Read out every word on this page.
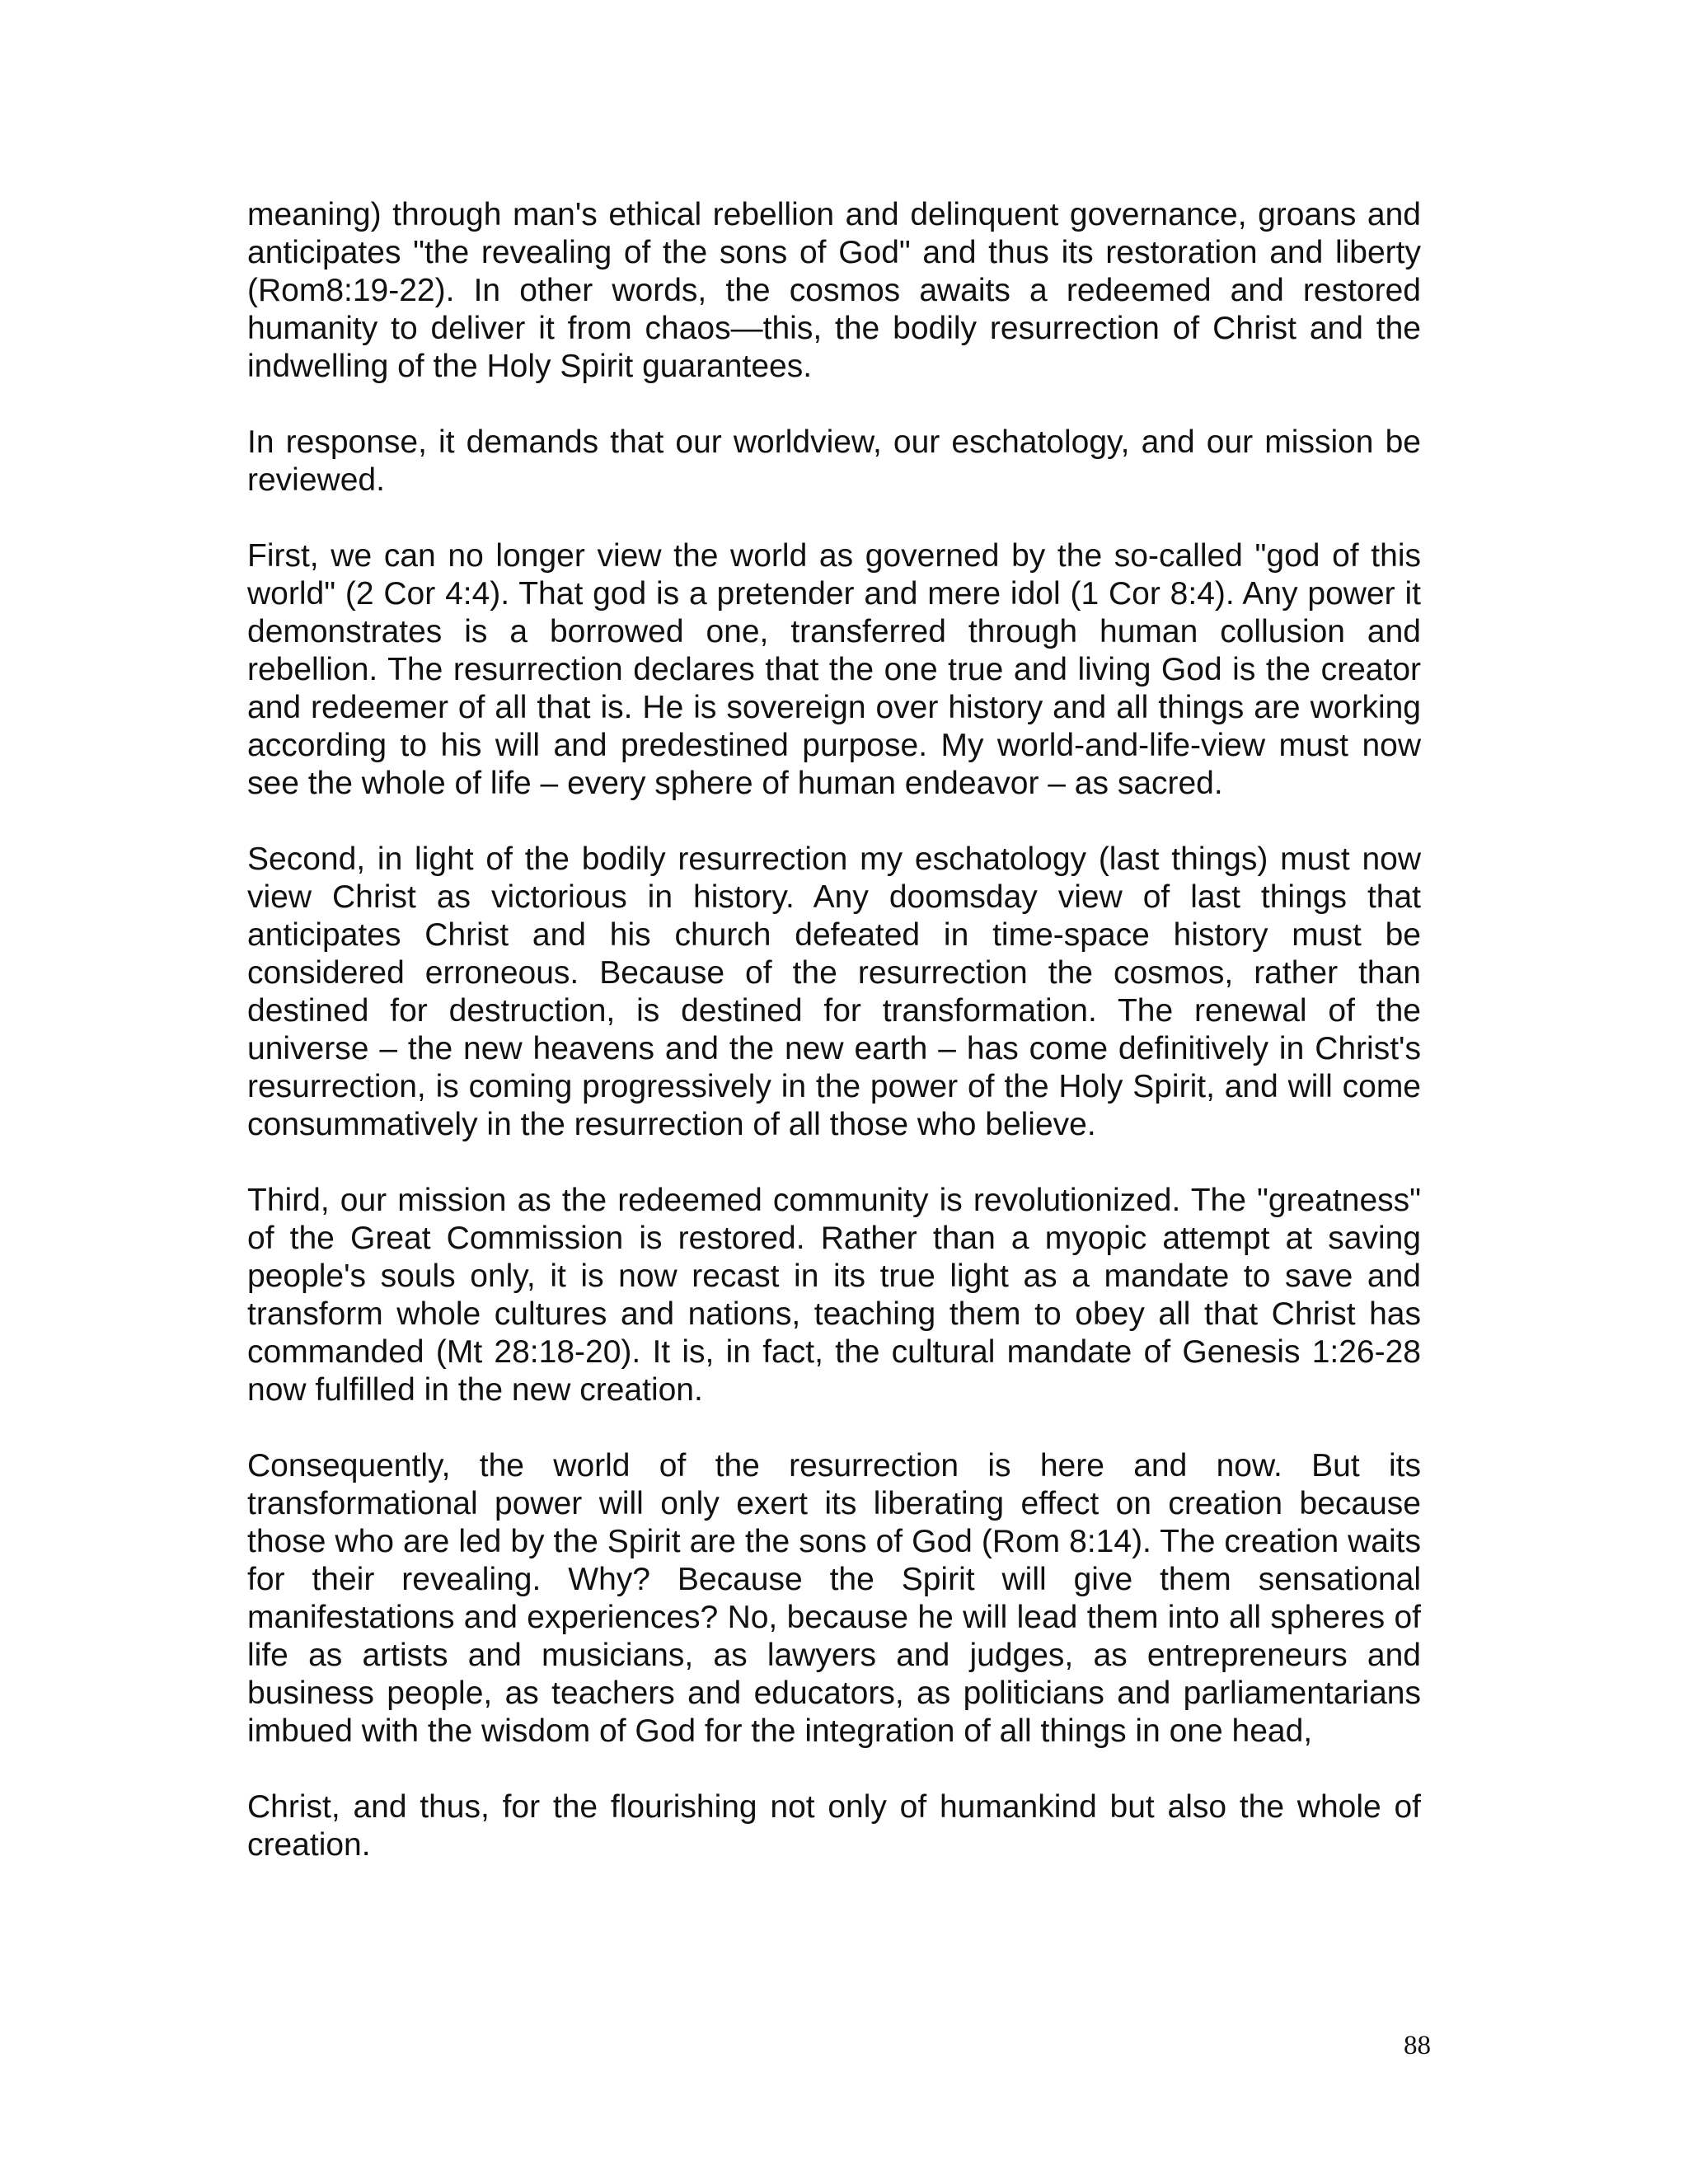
meaning) through man's ethical rebellion and delinquent governance, groans and anticipates "the revealing of the sons of God" and thus its restoration and liberty (Rom8:19-22). In other words, the cosmos awaits a redeemed and restored humanity to deliver it from chaos—this, the bodily resurrection of Christ and the indwelling of the Holy Spirit guarantees.

In response, it demands that our worldview, our eschatology, and our mission be reviewed.

First, we can no longer view the world as governed by the so-called "god of this world" (2 Cor 4:4). That god is a pretender and mere idol (1 Cor 8:4). Any power it demonstrates is a borrowed one, transferred through human collusion and rebellion. The resurrection declares that the one true and living God is the creator and redeemer of all that is. He is sovereign over history and all things are working according to his will and predestined purpose. My world-and-life-view must now see the whole of life – every sphere of human endeavor – as sacred.

Second, in light of the bodily resurrection my eschatology (last things) must now view Christ as victorious in history. Any doomsday view of last things that anticipates Christ and his church defeated in time-space history must be considered erroneous. Because of the resurrection the cosmos, rather than destined for destruction, is destined for transformation. The renewal of the universe – the new heavens and the new earth – has come definitively in Christ's resurrection, is coming progressively in the power of the Holy Spirit, and will come consummatively in the resurrection of all those who believe.

Third, our mission as the redeemed community is revolutionized. The "greatness" of the Great Commission is restored. Rather than a myopic attempt at saving people's souls only, it is now recast in its true light as a mandate to save and transform whole cultures and nations, teaching them to obey all that Christ has commanded (Mt 28:18-20). It is, in fact, the cultural mandate of Genesis 1:26-28 now fulfilled in the new creation.

Consequently, the world of the resurrection is here and now. But its transformational power will only exert its liberating effect on creation because those who are led by the Spirit are the sons of God (Rom 8:14). The creation waits for their revealing. Why? Because the Spirit will give them sensational manifestations and experiences? No, because he will lead them into all spheres of life as artists and musicians, as lawyers and judges, as entrepreneurs and business people, as teachers and educators, as politicians and parliamentarians imbued with the wisdom of God for the integration of all things in one head,

Christ, and thus, for the flourishing not only of humankind but also the whole of creation.

88
